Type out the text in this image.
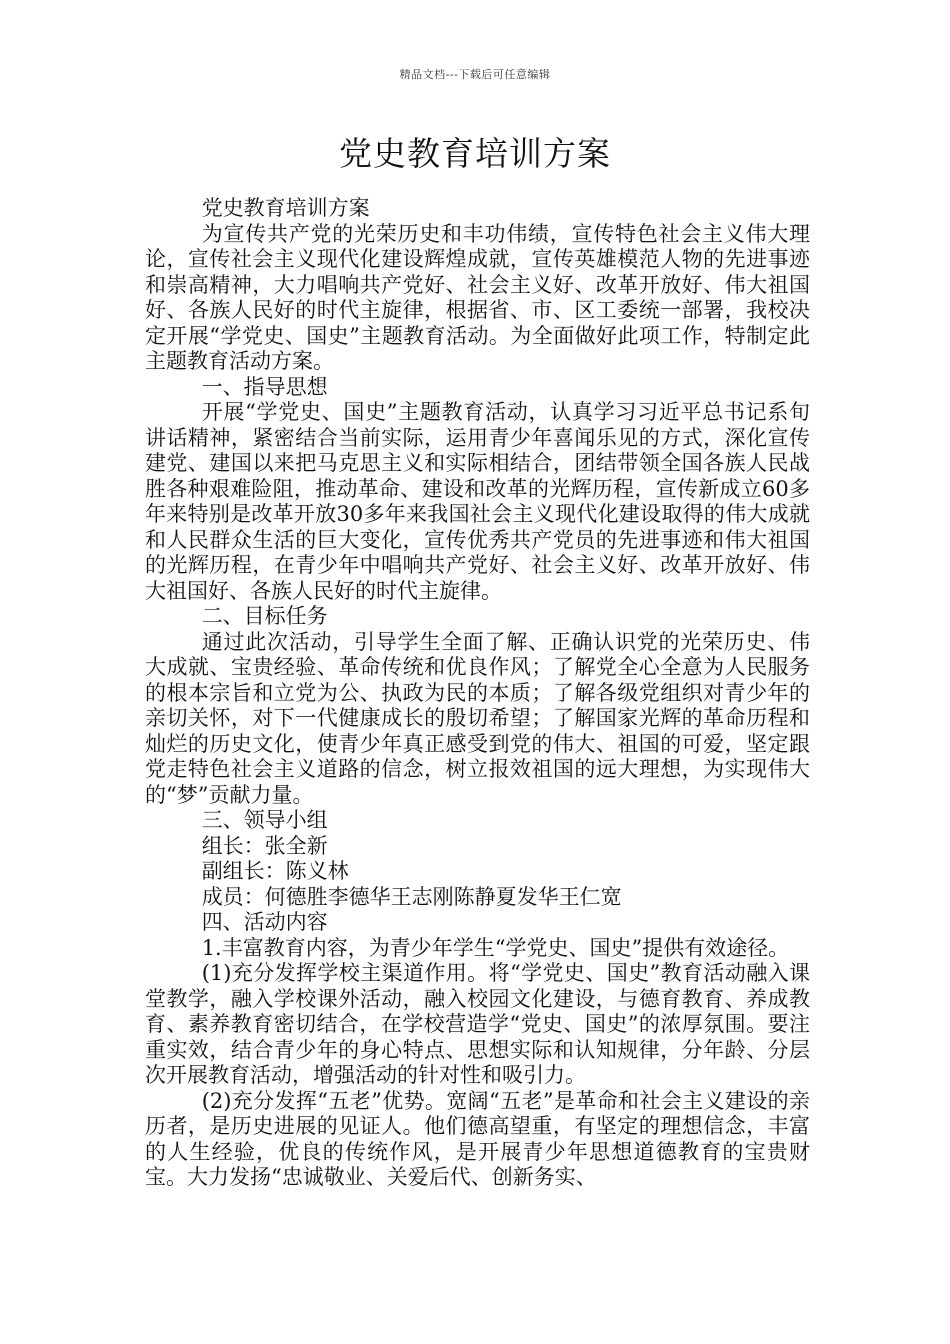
精品文档---下载后可任意编辑
党史教育培训方案

党史教育培训方案

为宣传共产党的光荣历史和丰功伟绩，宣传特色社会主义伟大理论，宣传社会主义现代化建设辉煌成就，宣传英雄模范人物的先进事迹和崇高精神，大力唱响共产党好、社会主义好、改革开放好、伟大祖国好、各族人民好的时代主旋律，根据省、市、区工委统一部署，我校决定开展“学党史、国史”主题教育活动。为全面做好此项工作，特制定此主题教育活动方案。

一、指导思想

开展“学党史、国史”主题教育活动，认真学习习近平总书记系旬讲话精神，紧密结合当前实际，运用青少年喜闻乐见的方式，深化宣传建党、建国以来把马克思主义和实际相结合，团结带领全国各族人民战胜各种艰难险阻，推动革命、建设和改革的光辉历程，宣传新成立60多年来特别是改革开放30多年来我国社会主义现代化建设取得的伟大成就和人民群众生活的巨大变化，宣传优秀共产党员的先进事迹和伟大祖国的光辉历程，在青少年中唱响共产党好、社会主义好、改革开放好、伟大祖国好、各族人民好的时代主旋律。

二、目标任务

通过此次活动，引导学生全面了解、正确认识党的光荣历史、伟大成就、宝贵经验、革命传统和优良作风；了解党全心全意为人民服务的根本宗旨和立党为公、执政为民的本质；了解各级党组织对青少年的亲切关怀，对下一代健康成长的殷切希望；了解国家光辉的革命历程和灿烂的历史文化，使青少年真正感受到党的伟大、祖国的可爱，坚定跟党走特色社会主义道路的信念，树立报效祖国的远大理想，为实现伟大的“梦”贡献力量。

三、领导小组

组长：张全新

副组长：陈义林

成员：何德胜李德华王志刚陈静夏发华王仁宽

四、活动内容

1.丰富教育内容，为青少年学生“学党史、国史”提供有效途径。

(1)充分发挥学校主渠道作用。将“学党史、国史”教育活动融入课堂教学，融入学校课外活动，融入校园文化建设，与德育教育、养成教育、素养教育密切结合，在学校营造学“党史、国史”的浓厚氛围。要注重实效，结合青少年的身心特点、思想实际和认知规律，分年龄、分层次开展教育活动，增强活动的针对性和吸引力。

(2)充分发挥“五老”优势。宽阔“五老”是革命和社会主义建设的亲历者，是历史进展的见证人。他们德高望重，有坚定的理想信念，丰富的人生经验，优良的传统作风，是开展青少年思想道德教育的宝贵财宝。大力发扬“忠诚敬业、关爱后代、创新务实、
